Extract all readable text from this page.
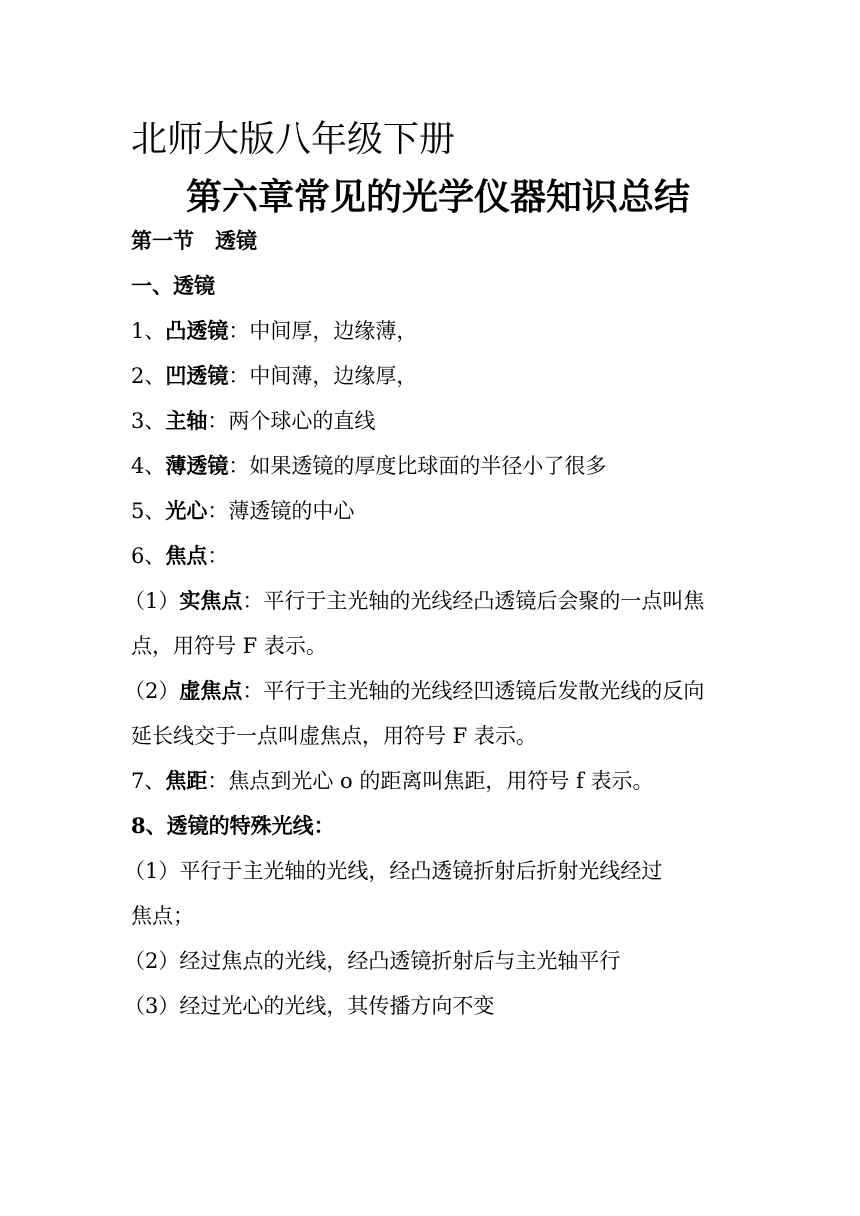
北师大版八年级下册
第六章常见的光学仪器知识总结
第一节　透镜
一、透镜
1、凸透镜：中间厚，边缘薄，
2、凹透镜：中间薄，边缘厚，
3、主轴：两个球心的直线
4、薄透镜：如果透镜的厚度比球面的半径小了很多
5、光心：薄透镜的中心
6、焦点：
（1）实焦点：平行于主光轴的光线经凸透镜后会聚的一点叫焦
点，用符号 F 表示。
（2）虚焦点：平行于主光轴的光线经凹透镜后发散光线的反向
延长线交于一点叫虚焦点，用符号 F 表示。
7、焦距：焦点到光心 o 的距离叫焦距，用符号 f 表示。
8、透镜的特殊光线：
（1）平行于主光轴的光线，经凸透镜折射后折射光线经过
焦点；
（2）经过焦点的光线，经凸透镜折射后与主光轴平行
（3）经过光心的光线，其传播方向不变
